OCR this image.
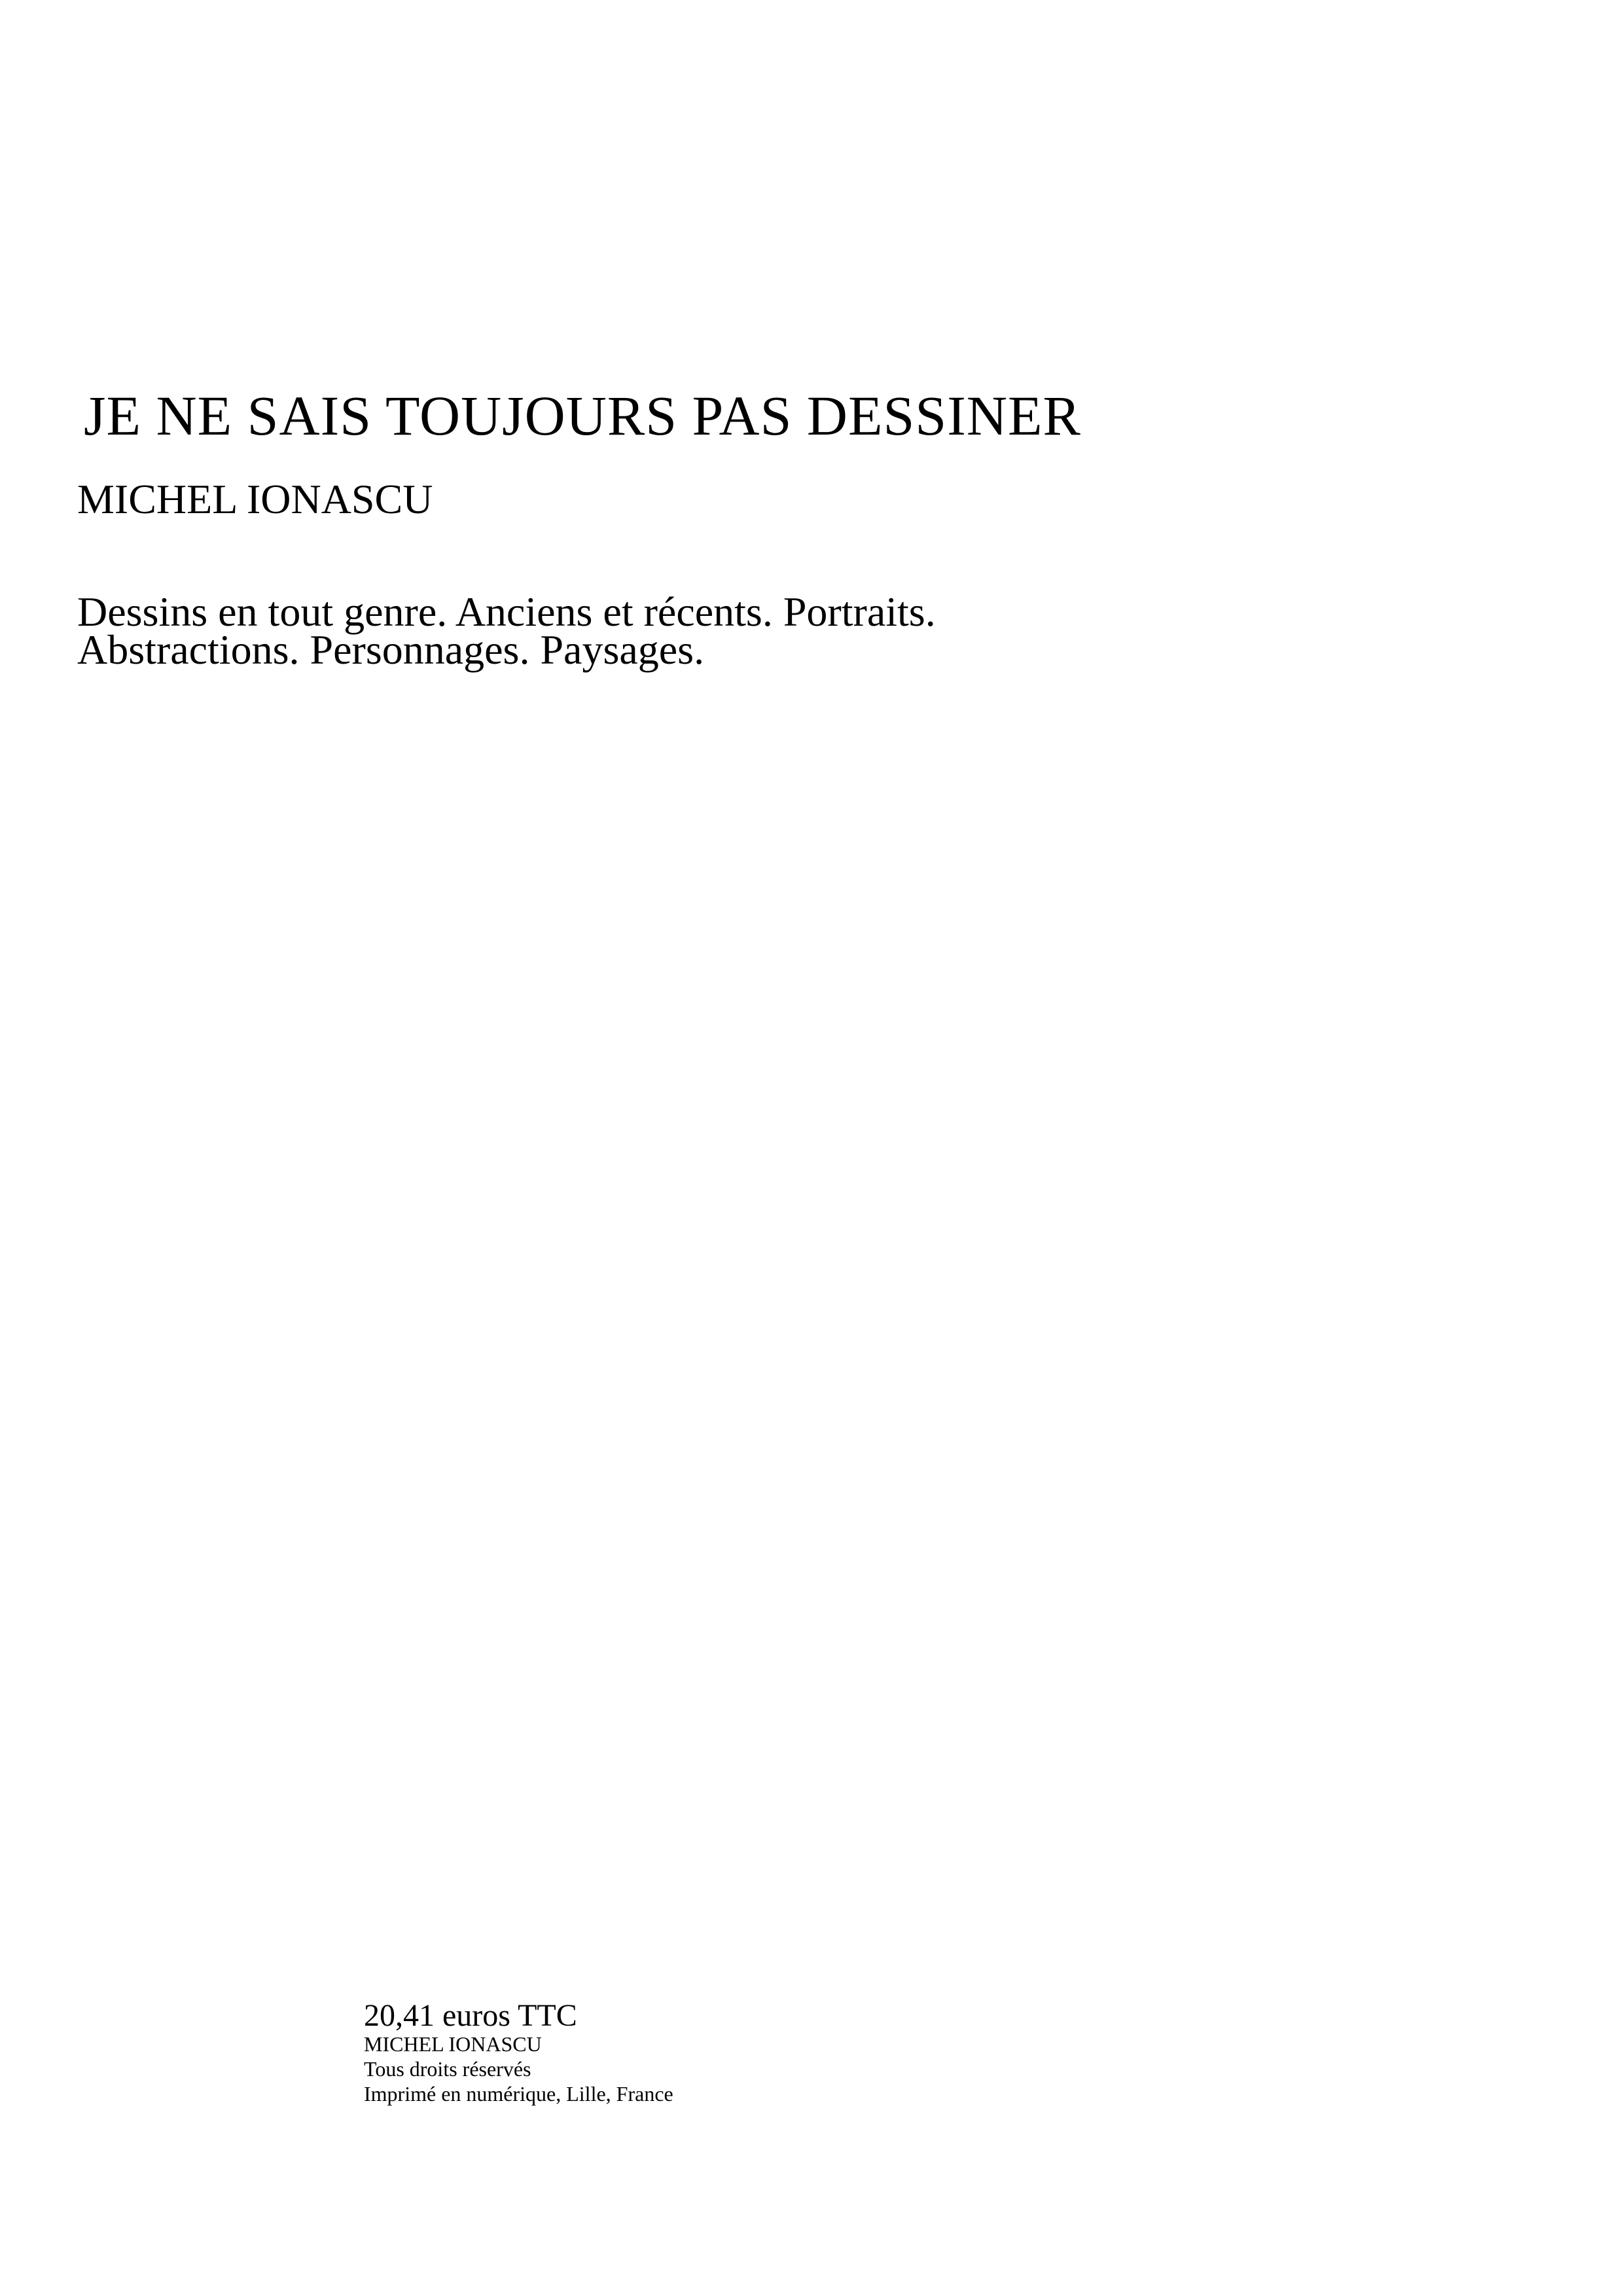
JE NE SAIS TOUJOURS PAS DESSINER
MICHEL IONASCU
Dessins en tout genre. Anciens et récents. Portraits.
Abstractions. Personnages. Paysages.
20,41 euros TTC
MICHEL IONASCU
Tous droits réservés
Imprimé en numérique, Lille, France
